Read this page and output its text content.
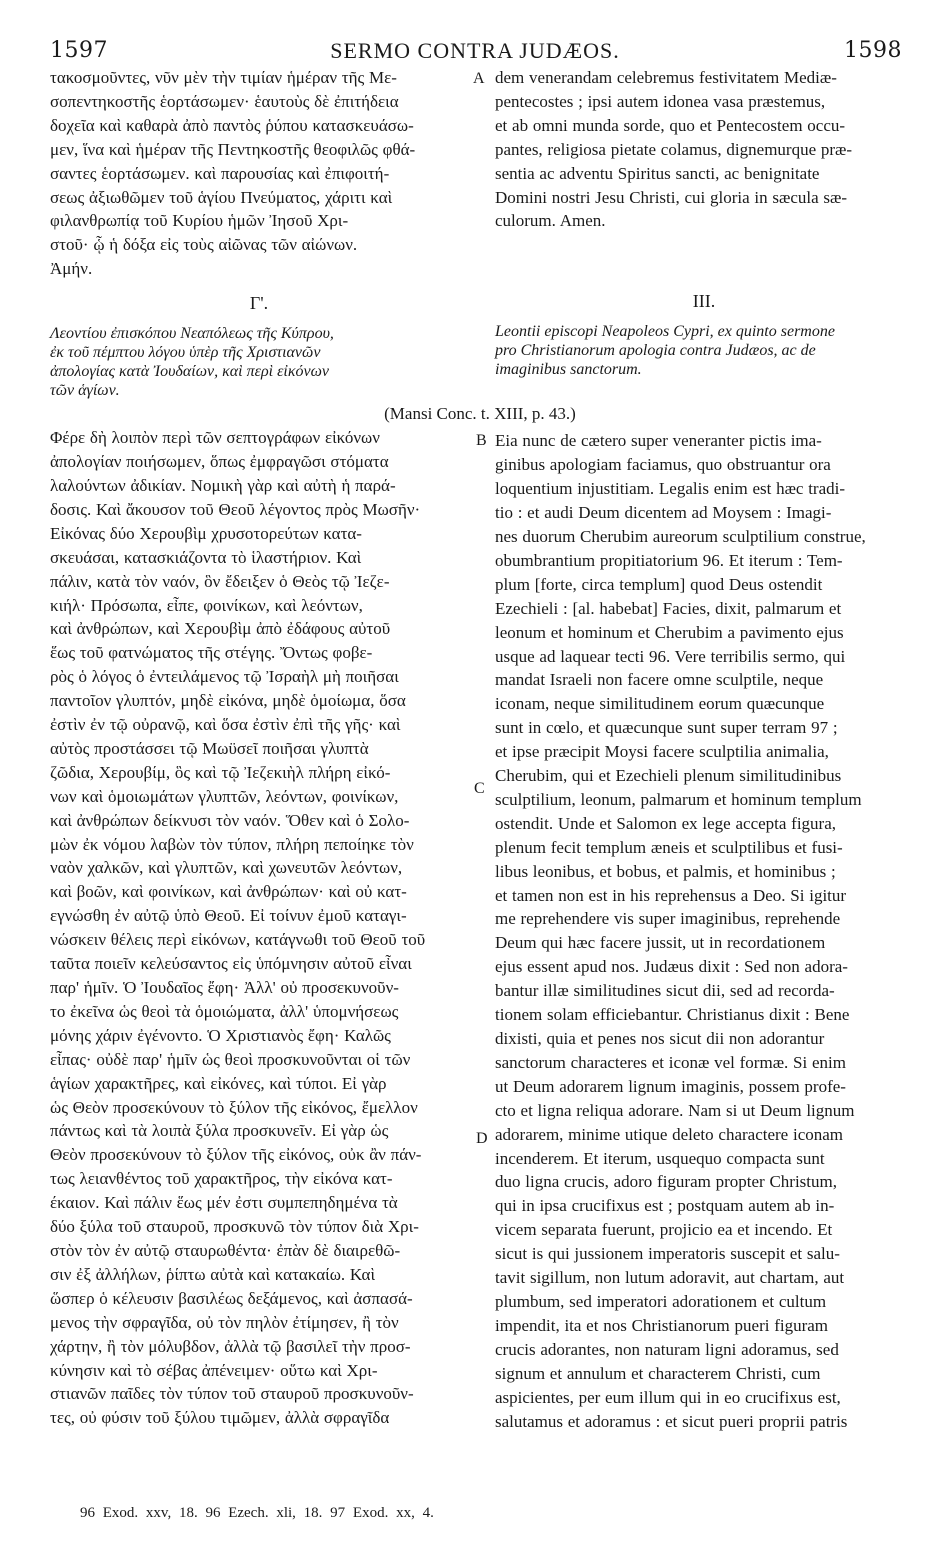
1597	SERMO CONTRA JUDÆOS.	1598

τακοσμοῦντες, νῦν μὲν τὴν τιμίαν ἡμέραν τῆς Με-
σοπεντηκοστῆς ἑορτάσωμεν· ἑαυτοὺς δὲ ἐπιτήδεια
δοχεῖα καὶ καθαρὰ ἀπὸ παντὸς ῥύπου κατασκευάσω-
μεν, ἵνα καὶ ἡμέραν τῆς Πεντηκοστῆς θεοφιλῶς φθά-
σαντες ἑορτάσωμεν. καὶ παρουσίας καὶ ἐπιφοιτή-
σεως ἀξιωθῶμεν τοῦ ἁγίου Πνεύματος, χάριτι καὶ
φιλανθρωπίᾳ τοῦ Κυρίου ἡμῶν Ἰησοῦ Χρι-
στοῦ· ᾧ ἡ δόξα εἰς τοὺς αἰῶνας τῶν αἰώνων.
Ἀμήν.

Γ'.
Λεοντίου ἐπισκόπου Νεαπόλεως τῆς Κύπρου,
ἐκ τοῦ πέμπτου λόγου ὑπὲρ τῆς Χριστιανῶν
ἀπολογίας κατὰ Ἰουδαίων, καὶ περὶ εἰκόνων
τῶν ἁγίων.

Φέρε δὴ λοιπὸν περὶ τῶν σεπτογράφων εἰκόνων
ἀπολογίαν ποιήσωμεν, ὅπως ἐμφραγῶσι στόματα
λαλούντων ἀδικίαν. Νομικὴ γὰρ καὶ αὐτὴ ἡ παρά-
δοσις. Καὶ ἄκουσον τοῦ Θεοῦ λέγοντος πρὸς Μωσῆν·
Εἰκόνας δύο Χερουβὶμ χρυσοτορεύτων κατα-
σκευάσαι, κατασκιάζοντα τὸ ἱλαστήριον. Καὶ
πάλιν, κατὰ τὸν ναόν, ὃν ἔδειξεν ὁ Θεὸς τῷ Ἰεζε-
κιήλ· Πρόσωπα, εἶπε, φοινίκων, καὶ λεόντων,
καὶ ἀνθρώπων, καὶ Χερουβὶμ ἀπὸ ἐδάφους αὐτοῦ
ἕως τοῦ φατνώματος τῆς στέγης. Ὄντως φοβε-
ρὸς ὁ λόγος ὁ ἐντειλάμενος τῷ Ἰσραὴλ μὴ ποιῆσαι
παντοῖον γλυπτόν, μηδὲ εἰκόνα, μηδὲ ὁμοίωμα, ὅσα
ἐστὶν ἐν τῷ οὐρανῷ, καὶ ὅσα ἐστὶν ἐπὶ τῆς γῆς· καὶ
αὐτὸς προστάσσει τῷ Μωϋσεῖ ποιῆσαι γλυπτὰ
ζῶδια, Χερουβίμ, ὃς καὶ τῷ Ἰεζεκιὴλ πλήρη εἰκό-
νων καὶ ὁμοιωμάτων γλυπτῶν, λεόντων, φοινίκων,
καὶ ἀνθρώπων δείκνυσι τὸν ναόν. Ὅθεν καὶ ὁ Σολο-
μὼν ἐκ νόμου λαβὼν τὸν τύπον, πλήρη πεποίηκε τὸν
ναὸν χαλκῶν, καὶ γλυπτῶν, καὶ χωνευτῶν λεόντων,
καὶ βοῶν, καὶ φοινίκων, καὶ ἀνθρώπων· καὶ οὐ κατ-
εγνώσθη ἐν αὐτῷ ὑπὸ Θεοῦ. Εἰ τοίνυν ἐμοῦ καταγι-
νώσκειν θέλεις περὶ εἰκόνων, κατάγνωθι τοῦ Θεοῦ τοῦ
ταῦτα ποιεῖν κελεύσαντος εἰς ὑπόμνησιν αὐτοῦ εἶναι
παρ' ἡμῖν. Ὁ Ἰουδαῖος ἔφη· Ἀλλ' οὐ προσεκυνοῦν-
το ἐκεῖνα ὡς θεοὶ τὰ ὁμοιώματα, ἀλλ' ὑπομνήσεως
μόνης χάριν ἐγένοντο. Ὁ Χριστιανὸς ἔφη· Καλῶς
εἶπας· οὐδὲ παρ' ἡμῖν ὡς θεοὶ προσκυνοῦνται οἱ τῶν
ἁγίων χαρακτῆρες, καὶ εἰκόνες, καὶ τύποι. Εἰ γὰρ
ὡς Θεὸν προσεκύνουν τὸ ξύλον τῆς εἰκόνος, ἔμελλον
πάντως καὶ τὰ λοιπὰ ξύλα προσκυνεῖν. Εἰ γὰρ ὡς
Θεὸν προσεκύνουν τὸ ξύλον τῆς εἰκόνος, οὐκ ἂν πάν-
τως λειανθέντος τοῦ χαρακτῆρος, τὴν εἰκόνα κατ-
έκαιον. Καὶ πάλιν ἕως μέν ἐστι συμπεπηδημένα τὰ
δύο ξύλα τοῦ σταυροῦ, προσκυνῶ τὸν τύπον διὰ Χρι-
στὸν τὸν ἐν αὐτῷ σταυρωθέντα· ἐπὰν δὲ διαιρεθῶ-
σιν ἐξ ἀλλήλων, ῥίπτω αὐτὰ καὶ κατακαίω. Καὶ
ὥσπερ ὁ κέλευσιν βασιλέως δεξάμενος, καὶ ἀσπασά-
μενος τὴν σφραγῖδα, οὐ τὸν πηλὸν ἐτίμησεν, ἢ τὸν
χάρτην, ἢ τὸν μόλυβδον, ἀλλὰ τῷ βασιλεῖ τὴν προσ-
κύνησιν καὶ τὸ σέβας ἀπένειμεν· οὕτω καὶ Χρι-
στιανῶν παῖδες τὸν τύπον τοῦ σταυροῦ προσκυνοῦν-
τες, οὐ φύσιν τοῦ ξύλου τιμῶμεν, ἀλλὰ σφραγῖδα

dem venerandam celebremus festivitatem Mediæ-
pentecostes ; ipsi autem idonea vasa præstemus,
et ab omni munda sorde, quo et Pentecostem occu-
pantes, religiosa pietate colamus, dignemurque præ-
sentia ac adventu Spiritus sancti, ac benignitate
Domini nostri Jesu Christi, cui gloria in sæcula sæ-
culorum. Amen.

III.
Leontii episcopi Neapoleos Cypri, ex quinto sermone
pro Christianorum apologia contra Judæos, ac de
imaginibus sanctorum.

Eia nunc de cætero super veneranter pictis ima-
ginibus apologiam faciamus, quo obstruantur ora
loquentium injustitiam. Legalis enim est hæc tradi-
tio : et audi Deum dicentem ad Moysem : Imagi-
nes duorum Cherubim aureorum sculptilium construe,
obumbrantium propitiatorium 96. Et iterum : Tem-
plum [forte, circa templum] quod Deus ostendit
Ezechieli : [al. habebat] Facies, dixit, palmarum et
leonum et hominum et Cherubim a pavimento ejus
usque ad laquear tecti 96. Vere terribilis sermo, qui
mandat Israeli non facere omne sculptile, neque
iconam, neque similitudinem eorum quæcunque
sunt in cœlo, et quæcunque sunt super terram 97 ;
et ipse præcipit Moysi facere sculptilia animalia,
Cherubim, qui et Ezechieli plenum similitudinibus
sculptilium, leonum, palmarum et hominum templum
ostendit. Unde et Salomon ex lege accepta figura,
plenum fecit templum æneis et sculptilibus et fusi-
libus leonibus, et bobus, et palmis, et hominibus ;
et tamen non est in his reprehensus a Deo. Si igitur
me reprehendere vis super imaginibus, reprehende
Deum qui hæc facere jussit, ut in recordationem
ejus essent apud nos. Judæus dixit : Sed non adora-
bantur illæ similitudines sicut dii, sed ad recorda-
tionem solam efficiebantur. Christianus dixit : Bene
dixisti, quia et penes nos sicut dii non adorantur
sanctorum characteres et iconæ vel formæ. Si enim
ut Deum adorarem lignum imaginis, possem profe-
cto et ligna reliqua adorare. Nam si ut Deum lignum
adorarem, minime utique deleto charactere iconam
incenderem. Et iterum, usquequo compacta sunt
duo ligna crucis, adoro figuram propter Christum,
qui in ipsa crucifixus est ; postquam autem ab in-
vicem separata fuerunt, projicio ea et incendo. Et
sicut is qui jussionem imperatoris suscepit et salu-
tavit sigillum, non lutum adoravit, aut chartam, aut
plumbum, sed imperatori adorationem et cultum
impendit, ita et nos Christianorum pueri figuram
crucis adorantes, non naturam ligni adoramus, sed
signum et annulum et characterem Christi, cum
aspicientes, per eum illum qui in eo crucifixus est,
salutamus et adoramus : et sicut pueri proprii patris

(Mansi Conc. t. XIII, p. 43.)
A
B
C
D
96 Exod. xxv, 18. 96 Ezech. xli, 18. 97 Exod. xx, 4.
